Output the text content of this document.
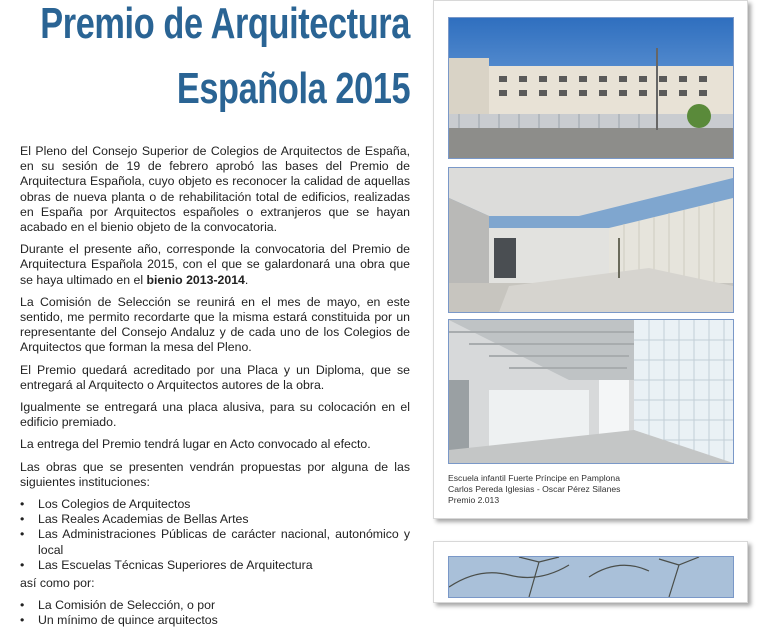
Premio de Arquitectura
Española 2015

El Pleno del Consejo Superior de Colegios de Arquitectos de España, en su sesión de 19 de febrero aprobó las bases del Premio de Arquitectura Española, cuyo objeto es reconocer la calidad de aquellas obras de nueva planta o de rehabilitación total de edificios, realizadas en España por Arquitectos españoles o extranjeros que se hayan acabado en el bienio objeto de la convocatoria.

Durante el presente año, corresponde la convocatoria del Premio de Arquitectura Española 2015, con el que se galardonará una obra que se haya ultimado en el bienio 2013-2014.

La Comisión de Selección se reunirá en el mes de mayo, en este sentido, me permito recordarte que la misma estará constituida por un representante del Consejo Andaluz y de cada uno de los Colegios de Arquitectos que forman la mesa del Pleno.

El Premio quedará acreditado por una Placa y un Diploma, que se entregará al Arquitecto o Arquitectos autores de la obra.

Igualmente se entregará una placa alusiva, para su colocación en el edificio premiado.

La entrega del Premio tendrá lugar en Acto convocado al efecto.

Las obras que se presenten vendrán propuestas por alguna de las siguientes instituciones:

• Los Colegios de Arquitectos
• Las Reales Academias de Bellas Artes
• Las Administraciones Públicas de carácter nacional, autonómico y local
• Las Escuelas Técnicas Superiores de Arquitectura

así como por:

• La Comisión de Selección, o por
• Un mínimo de quince arquitectos
Escuela infantil Fuerte Príncipe en Pamplona
Carlos Pereda Iglesias - Oscar Pérez Silanes
Premio 2.013
